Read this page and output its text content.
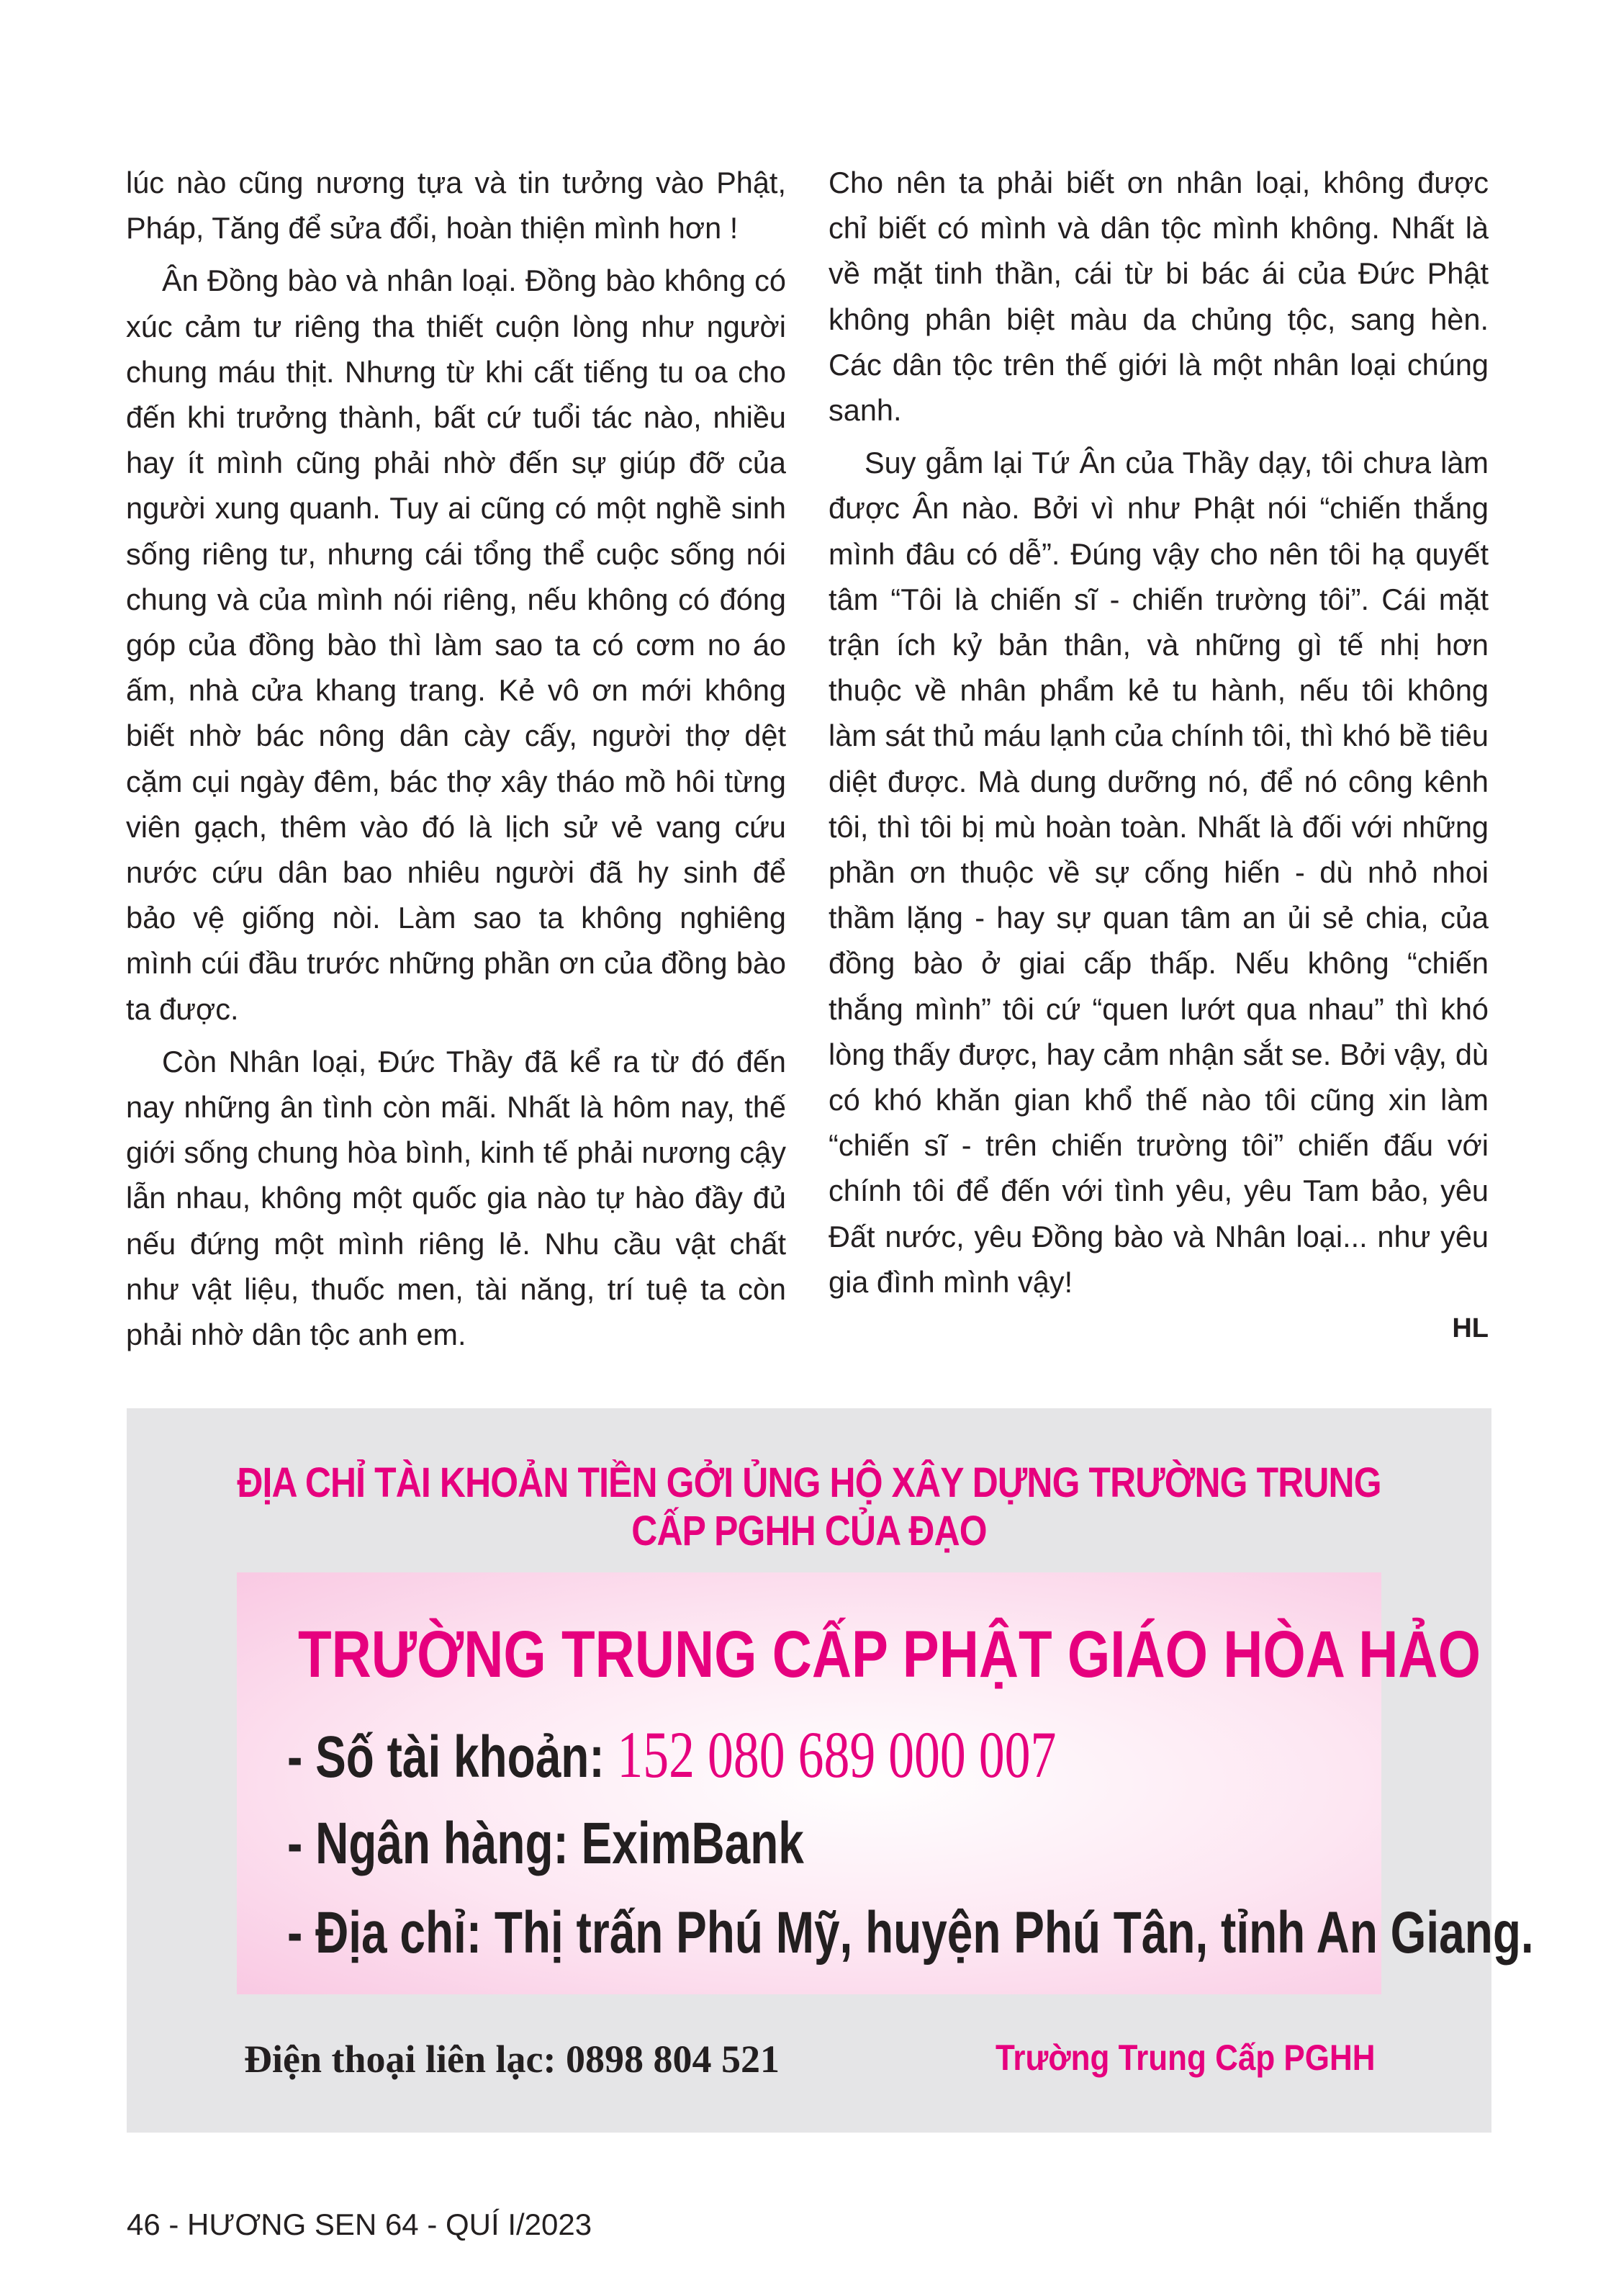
lúc nào cũng nương tựa và tin tưởng vào Phật, Pháp, Tăng để sửa đổi, hoàn thiện mình hơn !

Ân Đồng bào và nhân loại. Đồng bào không có xúc cảm tư riêng tha thiết cuộn lòng như người chung máu thịt. Nhưng từ khi cất tiếng tu oa cho đến khi trưởng thành, bất cứ tuổi tác nào, nhiều hay ít mình cũng phải nhờ đến sự giúp đỡ của người xung quanh. Tuy ai cũng có một nghề sinh sống riêng tư, nhưng cái tổng thể cuộc sống nói chung và của mình nói riêng, nếu không có đóng góp của đồng bào thì làm sao ta có cơm no áo ấm, nhà cửa khang trang. Kẻ vô ơn mới không biết nhờ bác nông dân cày cấy, người thợ dệt cặm cụi ngày đêm, bác thợ xây tháo mồ hôi từng viên gạch, thêm vào đó là lịch sử vẻ vang cứu nước cứu dân bao nhiêu người đã hy sinh để bảo vệ giống nòi. Làm sao ta không nghiêng mình cúi đầu trước những phần ơn của đồng bào ta được.

Còn Nhân loại, Đức Thầy đã kể ra từ đó đến nay những ân tình còn mãi. Nhất là hôm nay, thế giới sống chung hòa bình, kinh tế phải nương cậy lẫn nhau, không một quốc gia nào tự hào đầy đủ nếu đứng một mình riêng lẻ. Nhu cầu vật chất như vật liệu, thuốc men, tài năng, trí tuệ ta còn phải nhờ dân tộc anh em.

Cho nên ta phải biết ơn nhân loại, không được chỉ biết có mình và dân tộc mình không. Nhất là về mặt tinh thần, cái từ bi bác ái của Đức Phật không phân biệt màu da chủng tộc, sang hèn. Các dân tộc trên thế giới là một nhân loại chúng sanh.

Suy gẫm lại Tứ Ân của Thầy dạy, tôi chưa làm được Ân nào. Bởi vì như Phật nói “chiến thắng mình đâu có dễ”. Đúng vậy cho nên tôi hạ quyết tâm “Tôi là chiến sĩ - chiến trường tôi”. Cái mặt trận ích kỷ bản thân, và những gì tế nhị hơn thuộc về nhân phẩm kẻ tu hành, nếu tôi không làm sát thủ máu lạnh của chính tôi, thì khó bề tiêu diệt được. Mà dung dưỡng nó, để nó công kênh tôi, thì tôi bị mù hoàn toàn. Nhất là đối với những phần ơn thuộc về sự cống hiến - dù nhỏ nhoi thầm lặng - hay sự quan tâm an ủi sẻ chia, của đồng bào ở giai cấp thấp. Nếu không “chiến thắng mình” tôi cứ “quen lướt qua nhau” thì khó lòng thấy được, hay cảm nhận sắt se. Bởi vậy, dù có khó khăn gian khổ thế nào tôi cũng xin làm “chiến sĩ - trên chiến trường tôi” chiến đấu với chính tôi để đến với tình yêu, yêu Tam bảo, yêu Đất nước, yêu Đồng bào và Nhân loại... như yêu gia đình mình vậy!

HL
ĐỊA CHỈ TÀI KHOẢN TIỀN GỞI ỦNG HỘ XÂY DỰNG TRƯỜNG TRUNG CẤP PGHH CỦA ĐẠO
TRƯỜNG TRUNG CẤP PHẬT GIÁO HÒA HẢO
- Số tài khoản: 152 080 689 000 007
- Ngân hàng: EximBank
- Địa chỉ: Thị trấn Phú Mỹ, huyện Phú Tân, tỉnh An Giang.
Điện thoại liên lạc: 0898 804 521	Trường Trung Cấp PGHH
46 - HƯƠNG SEN 64 - QUÍ I/2023
